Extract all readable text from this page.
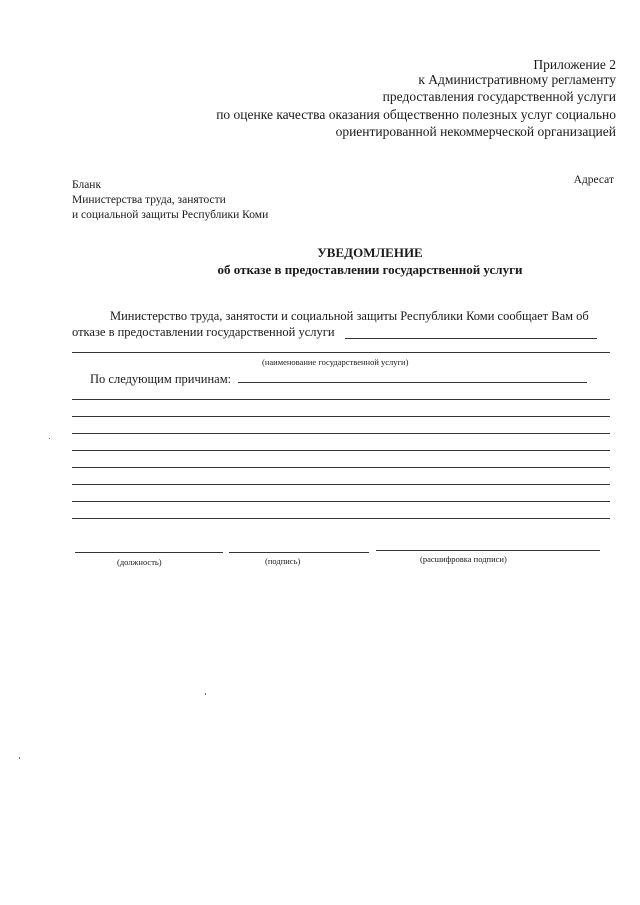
Приложение 2
к Административному регламенту
предоставления государственной услуги
по оценке качества оказания общественно полезных услуг социально
ориентированной некоммерческой организацией
Бланк
Министерства труда, занятости
и социальной защиты Республики Коми
Адресат
УВЕДОМЛЕНИЕ
об отказе в предоставлении государственной услуги
Министерство труда, занятости и социальной защиты Республики Коми сообщает Вам об
отказе в предоставлении государственной услуги
(наименование государственной услуги)
По следующим причинам:
(должность)	(подпись)	(расшифровка подписи)
